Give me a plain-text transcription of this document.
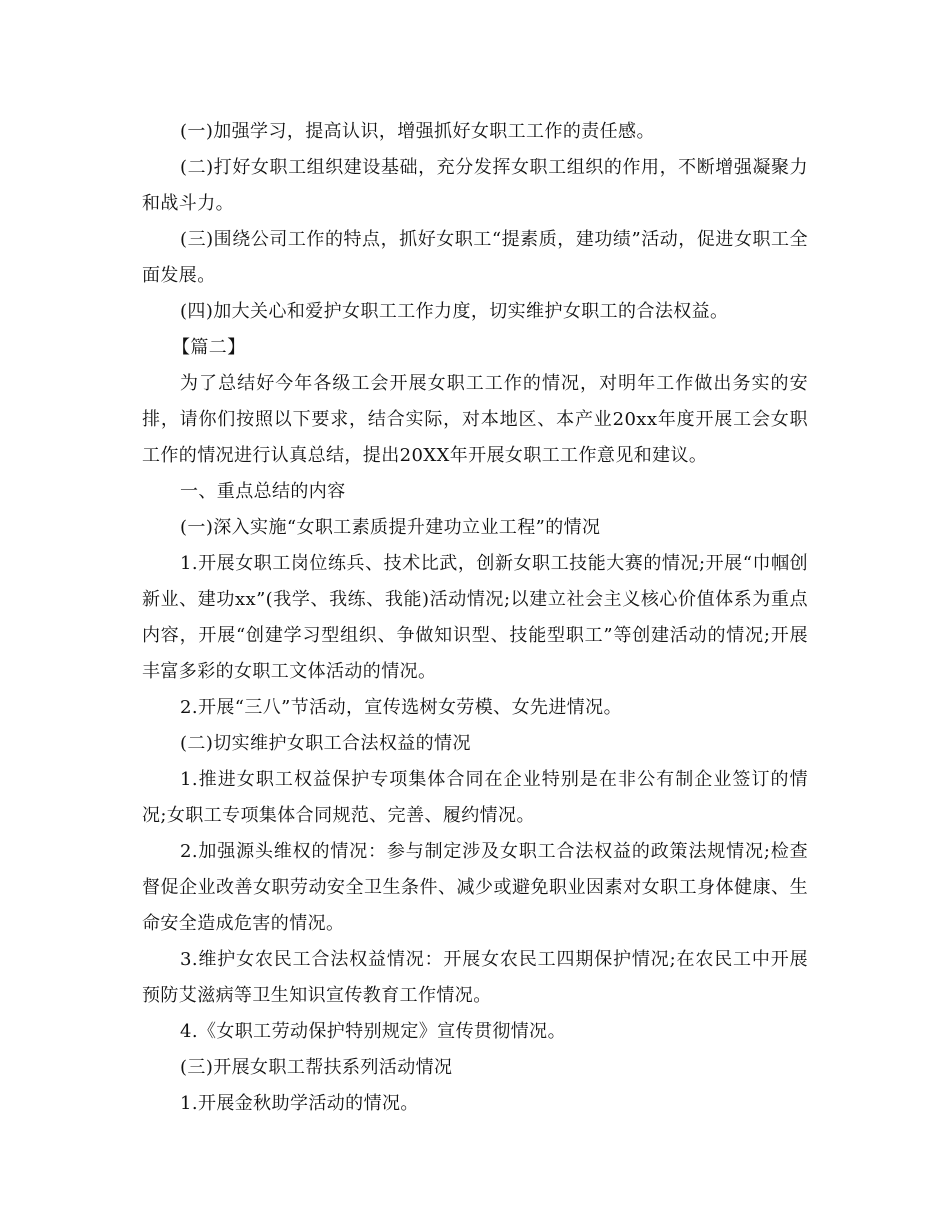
(一)加强学习，提高认识，增强抓好女职工工作的责任感。

(二)打好女职工组织建设基础，充分发挥女职工组织的作用，不断增强凝聚力和战斗力。

(三)围绕公司工作的特点，抓好女职工“提素质，建功绩”活动，促进女职工全面发展。

(四)加大关心和爱护女职工工作力度，切实维护女职工的合法权益。

【篇二】

为了总结好今年各级工会开展女职工工作的情况，对明年工作做出务实的安排，请你们按照以下要求，结合实际，对本地区、本产业20xx年度开展工会女职工作的情况进行认真总结，提出20XX年开展女职工工作意见和建议。

一、重点总结的内容

(一)深入实施“女职工素质提升建功立业工程”的情况

1.开展女职工岗位练兵、技术比武，创新女职工技能大赛的情况;开展“巾帼创新业、建功xx”(我学、我练、我能)活动情况;以建立社会主义核心价值体系为重点内容，开展“创建学习型组织、争做知识型、技能型职工”等创建活动的情况;开展丰富多彩的女职工文体活动的情况。

2.开展“三八”节活动，宣传选树女劳模、女先进情况。

(二)切实维护女职工合法权益的情况

1.推进女职工权益保护专项集体合同在企业特别是在非公有制企业签订的情况;女职工专项集体合同规范、完善、履约情况。

2.加强源头维权的情况：参与制定涉及女职工合法权益的政策法规情况;检查督促企业改善女职劳动安全卫生条件、减少或避免职业因素对女职工身体健康、生命安全造成危害的情况。

3.维护女农民工合法权益情况：开展女农民工四期保护情况;在农民工中开展预防艾滋病等卫生知识宣传教育工作情况。

4.《女职工劳动保护特别规定》宣传贯彻情况。

(三)开展女职工帮扶系列活动情况

1.开展金秋助学活动的情况。
